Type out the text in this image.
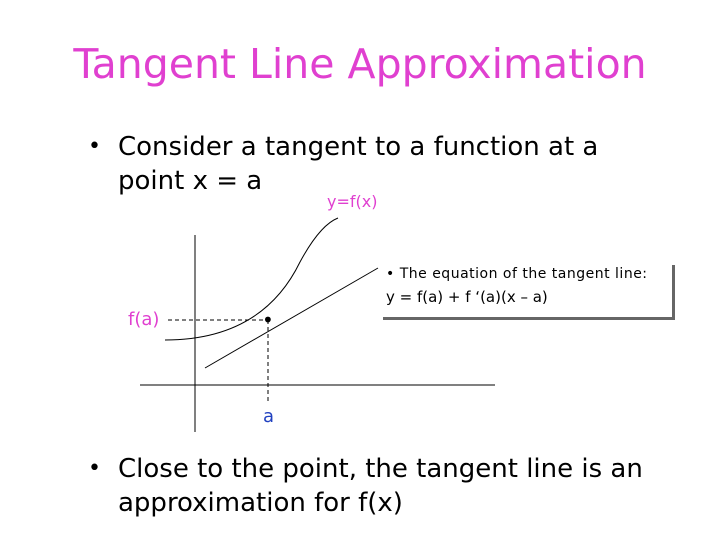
Tangent Line Approximation
• Consider a tangent to a function at a
point x = a
•
y=f(x)
f(a)
a
• The equation of the tangent line:
y = f(a) + f ‘(a)(x – a)
• Close to the point, the tangent line is an
approximation for f(x)
